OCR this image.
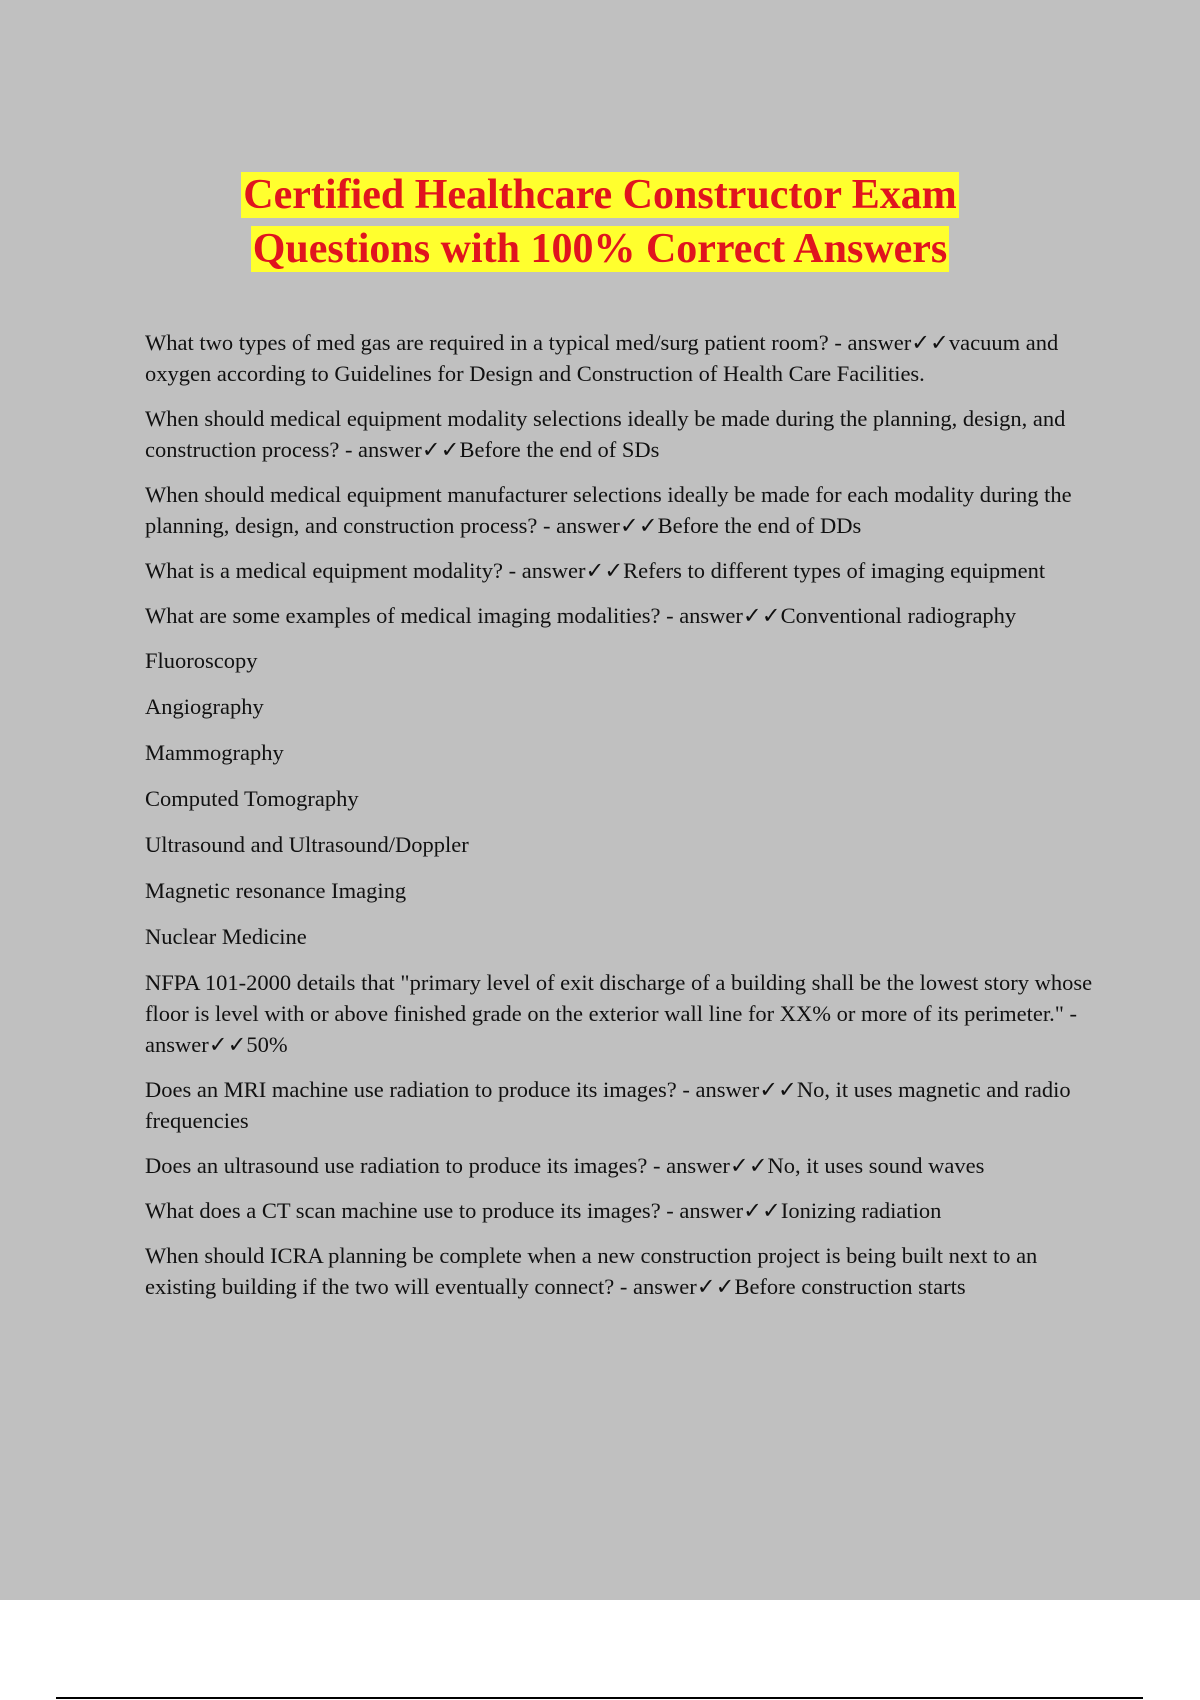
Certified Healthcare Constructor Exam
Questions with 100% Correct Answers

What two types of med gas are required in a typical med/surg patient room? - answer✓✓vacuum and oxygen according to Guidelines for Design and Construction of Health Care Facilities.

When should medical equipment modality selections ideally be made during the planning, design, and construction process? - answer✓✓Before the end of SDs

When should medical equipment manufacturer selections ideally be made for each modality during the planning, design, and construction process? - answer✓✓Before the end of DDs

What is a medical equipment modality? - answer✓✓Refers to different types of imaging equipment

What are some examples of medical imaging modalities? - answer✓✓Conventional radiography

Fluoroscopy

Angiography

Mammography

Computed Tomography

Ultrasound and Ultrasound/Doppler

Magnetic resonance Imaging

Nuclear Medicine

NFPA 101-2000 details that "primary level of exit discharge of a building shall be the lowest story whose floor is level with or above finished grade on the exterior wall line for XX% or more of its perimeter." - answer✓✓50%

Does an MRI machine use radiation to produce its images? - answer✓✓No, it uses magnetic and radio frequencies

Does an ultrasound use radiation to produce its images? - answer✓✓No, it uses sound waves

What does a CT scan machine use to produce its images? - answer✓✓Ionizing radiation

When should ICRA planning be complete when a new construction project is being built next to an existing building if the two will eventually connect? - answer✓✓Before construction starts
